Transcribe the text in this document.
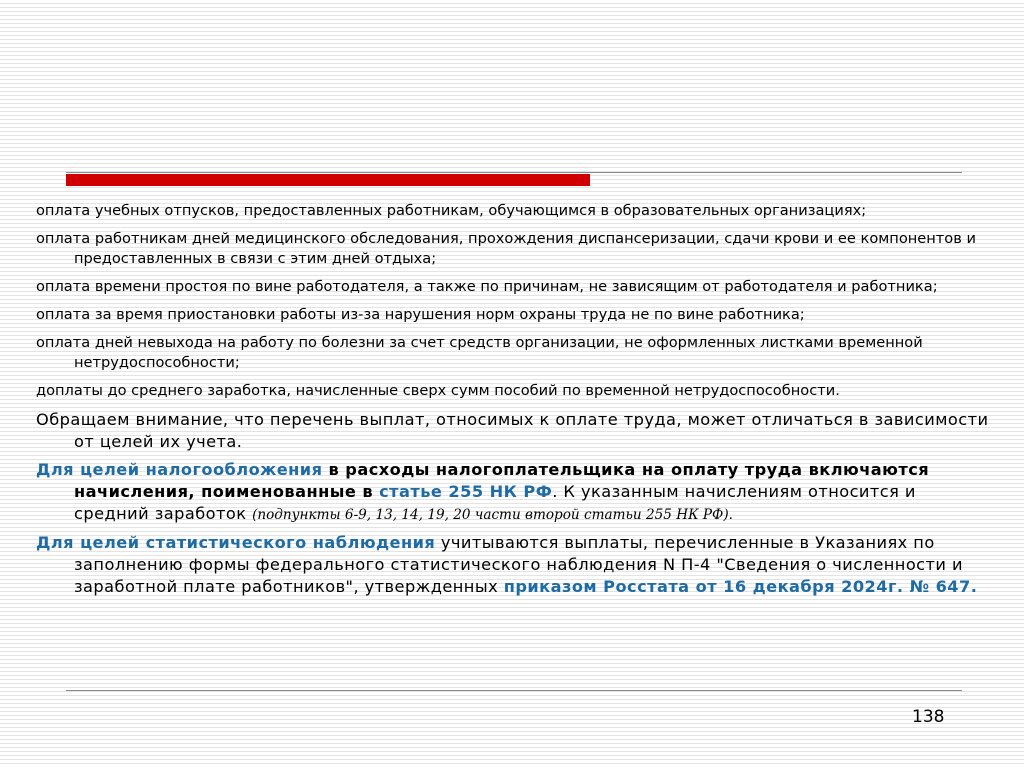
оплата учебных отпусков, предоставленных работникам, обучающимся в образовательных организациях;

оплата работникам дней медицинского обследования, прохождения диспансеризации, сдачи крови и ее компонентов и предоставленных в связи с этим дней отдыха;

оплата времени простоя по вине работодателя, а также по причинам, не зависящим от работодателя и работника;

оплата за время приостановки работы из-за нарушения норм охраны труда не по вине работника;

оплата дней невыхода на работу по болезни за счет средств организации, не оформленных листками временной нетрудоспособности;

доплаты до среднего заработка, начисленные сверх сумм пособий по временной нетрудоспособности.

Обращаем внимание, что перечень выплат, относимых к оплате труда, может отличаться в зависимости от целей их учета.

Для целей налогообложения в расходы налогоплательщика на оплату труда включаются начисления, поименованные в статье 255 НК РФ. К указанным начислениям относится и средний заработок (подпункты 6-9, 13, 14, 19, 20 части второй статьи 255 НК РФ).

Для целей статистического наблюдения учитываются выплаты, перечисленные в Указаниях по заполнению формы федерального статистического наблюдения N П-4 "Сведения о численности и заработной плате работников", утвержденных приказом Росстата от 16 декабря 2024г. № 647.

138
